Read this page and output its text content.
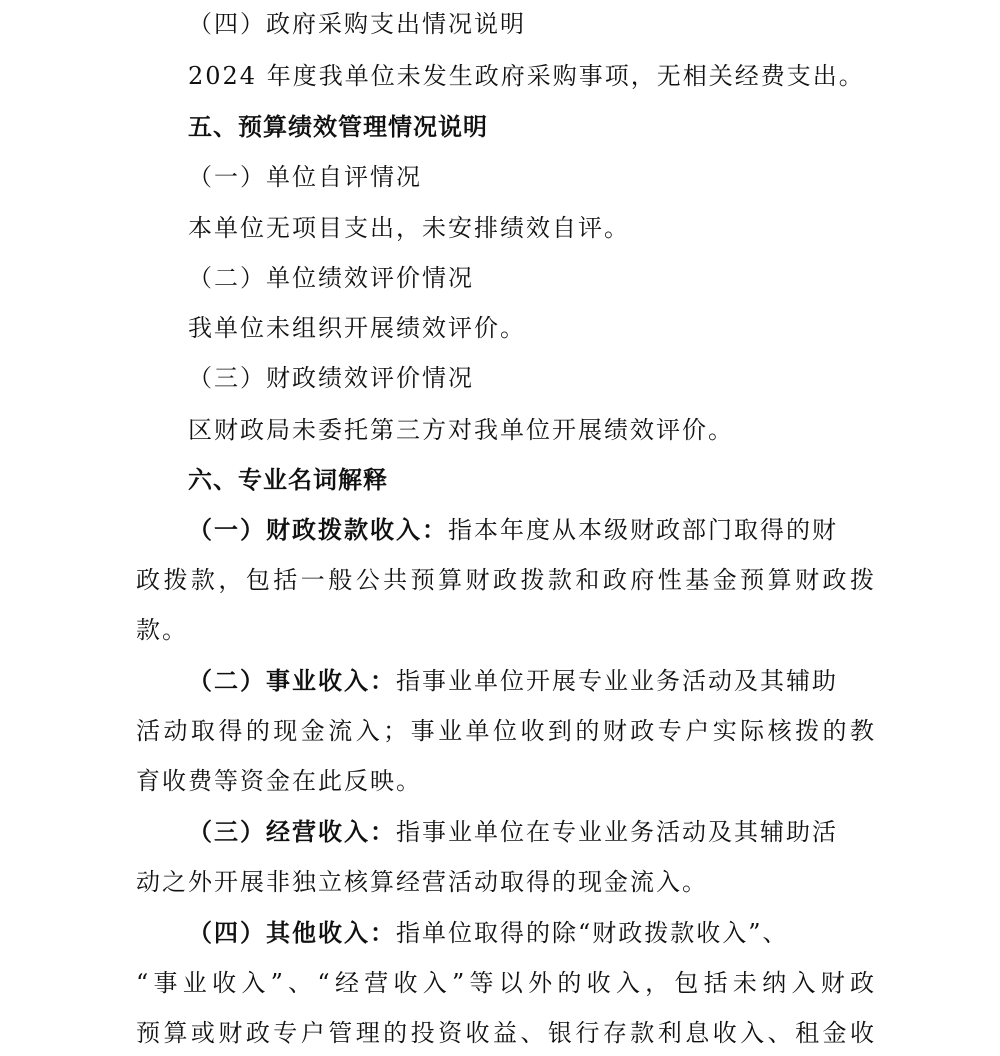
（四）政府采购支出情况说明
2024 年度我单位未发生政府采购事项，无相关经费支出。
五、预算绩效管理情况说明
（一）单位自评情况
本单位无项目支出，未安排绩效自评。
（二）单位绩效评价情况
我单位未组织开展绩效评价。
（三）财政绩效评价情况
区财政局未委托第三方对我单位开展绩效评价。
六、专业名词解释
（一）财政拨款收入：指本年度从本级财政部门取得的财
政拨款，包括一般公共预算财政拨款和政府性基金预算财政拨
款。
（二）事业收入：指事业单位开展专业业务活动及其辅助
活动取得的现金流入；事业单位收到的财政专户实际核拨的教
育收费等资金在此反映。
（三）经营收入：指事业单位在专业业务活动及其辅助活
动之外开展非独立核算经营活动取得的现金流入。
（四）其他收入：指单位取得的除“财政拨款收入”、
“事业收入”、“经营收入”等以外的收入，包括未纳入财政
预算或财政专户管理的投资收益、银行存款利息收入、租金收
